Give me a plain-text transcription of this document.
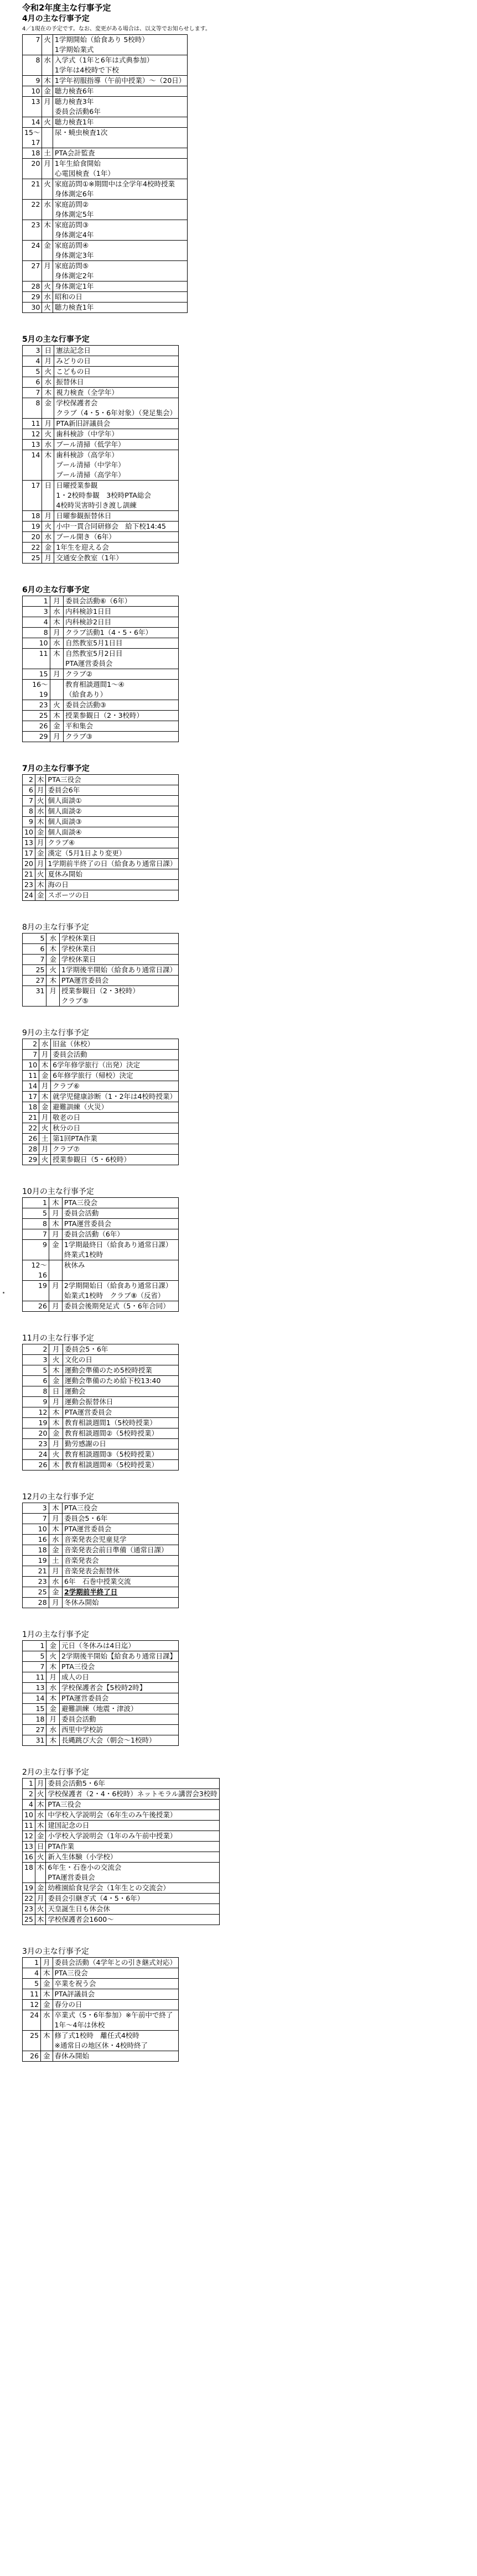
令和2年度主な行事予定
4月の主な行事予定
4／1現在の予定です。なお、変更がある場合は、以文等でお知らせします。
7	火	1学期開始（給食あり 5校時）
1学期始業式

8	水	入学式（1年と6年は式典参加）
1学年は4校時で下校

9	木	1学年初服指導（午前中授業）〜（20日）

10	金	聴力検査6年

13	月	聴力検査3年
委員会活動6年

14	火	聴力検査1年

15〜17		尿・蟯虫検査1次

18	土	PTA会計監査

20	月	1年生給食開始
心電図検査（1年）

21	火	家庭訪問①※期間中は全学年4校時授業
身体測定6年

22	水	家庭訪問②
身体測定5年

23	木	家庭訪問③
身体測定4年

24	金	家庭訪問④
身体測定3年

27	月	家庭訪問⑤
身体測定2年

28	火	身体測定1年

29	水	昭和の日

30	火	聴力検査1年
5月の主な行事予定
3	日	憲法記念日

4	月	みどりの日

5	火	こどもの日

6	水	振替休日

7	木	視力検査（全学年）

8	金	学校保護者会
クラブ（4・5・6年対象）（発足集会）

11	月	PTA新旧評議員会

12	火	歯科検診（中学年）

13	水	プール清掃（低学年）

14	木	歯科検診（高学年）
プール清掃（中学年）
プール清掃（高学年）

17	日	日曜授業参観
1・2校時参観　3校時PTA総会
4校時災害時引き渡し訓練

18	月	日曜参観振替休日

19	火	小中一貫合同研修会　給下校14:45

20	水	プール開き（6年）

22	金	1年生を迎える会

25	月	交通安全教室（1年）
6月の主な行事予定
1	月	委員会活動⑥（6年）

3	水	内科検診1日目

4	木	内科検診2日目

8	月	クラブ活動1（4・5・6年）

10	水	自然教室5月1日目

11	木	自然教室5月2日目
PTA運営委員会

15	月	クラブ②

16〜19		教育相談週間1〜④
（給食あり）

23	火	委員会活動③

25	木	授業参観日（2・3校時）

26	金	平和集会

29	月	クラブ③
7月の主な行事予定
2	木	PTA三役会

6	月	委員会6年

7	火	個人面談①

8	水	個人面談②

9	木	個人面談③

10	金	個人面談④

13	月	クラブ④

17	金	漢定（5月1日より変更）

20	月	1学期前半終了の日（給食あり通常日課）

21	火	夏休み開始

23	木	海の日

24	金	スポーツの日
8月の主な行事予定
5	水	学校休業日

6	木	学校休業日

7	金	学校休業日

25	火	1学期後半開始（給食あり通常日課）

27	木	PTA運営委員会

31	月	授業参観日（2・3校時）
クラブ⑤
9月の主な行事予定
2	水	旧盆（休校）

7	月	委員会活動

10	木	6学年修学旅行（出発）決定

11	金	6年修学旅行（帰校）決定

14	月	クラブ⑥

17	木	就学児健康診断（1・2年は4校時授業）

18	金	避難訓練（火災）

21	月	敬老の日

22	火	秋分の日

26	土	第1回PTA作業

28	月	クラブ⑦

29	火	授業参観日（5・6校時）
10月の主な行事予定
1	木	PTA三役会

5	月	委員会活動

8	木	PTA運営委員会

7	月	委員会活動（6年）

9	金	1学期最終日（給食あり通常日課）
終業式1校時

12〜16		秋休み

19	月	2学期開始日（給食あり通常日課）
始業式1校時　クラブ⑧（反省）

26	月	委員会後期発足式（5・6年合同）
11月の主な行事予定
2	月	委員会5・6年

3	火	文化の日

5	木	運動会準備のため5校時授業

6	金	運動会準備のため給下校13:40

8	日	運動会

9	月	運動会振替休日

12	木	PTA運営委員会

19	木	教育相談週間1（5校時授業）

20	金	教育相談週間②（5校時授業）

23	月	勤労感謝の日

24	火	教育相談週間③（5校時授業）

26	木	教育相談週間④（5校時授業）
12月の主な行事予定
3	木	PTA三役会

7	月	委員会5・6年

10	木	PTA運営委員会

16	水	音楽発表会児童見学

18	金	音楽発表会前日準備（通常日課）

19	土	音楽発表会

21	月	音楽発表会振替休

23	水	6年　石巻中授業交流

25	金	2学期前半終了日

28	月	冬休み開始
1月の主な行事予定
1	金	元日（冬休みは4日迄）

5	火	2学期後半開始【給食あり通常日課】

7	木	PTA三役会

11	月	成人の日

13	水	学校保護者会【5校時2時】

14	木	PTA運営委員会

15	金	避難訓練（地震・津波）

18	月	委員会活動

27	水	西里中学校訪

31	木	長縄跳び大会（朝会〜1校時）
2月の主な行事予定
1	月	委員会活動5・6年

2	火	学校保護者（2・4・6校時）ネットモラル講習会3校時

4	木	PTA三役会

10	水	中学校入学説明会（6年生のみ午後授業）

11	木	建国記念の日

12	金	小学校入学説明会（1年のみ午前中授業）

13	日	PTA作業

16	火	新入生体験（小学校）

18	木	6年生・石巻小の交流会
PTA運営委員会

19	金	幼稚園給食見学会（1年生との交流会）

22	月	委員会引継ぎ式（4・5・6年）

23	火	天皇誕生日も休会休

25	木	学校保護者会1600〜
3月の主な行事予定
1	月	委員会活動（4学年との引き継式対応）

4	木	PTA三役会

5	金	卒業を祝う会

11	木	PTA評議員会

12	金	春分の日

24	水	卒業式（5・6年参加）※午前中で終了
1年〜4年は休校

25	木	修了式1校時　離任式4校時
※通常日の地区休・4校時終了

26	金	春休み開始
